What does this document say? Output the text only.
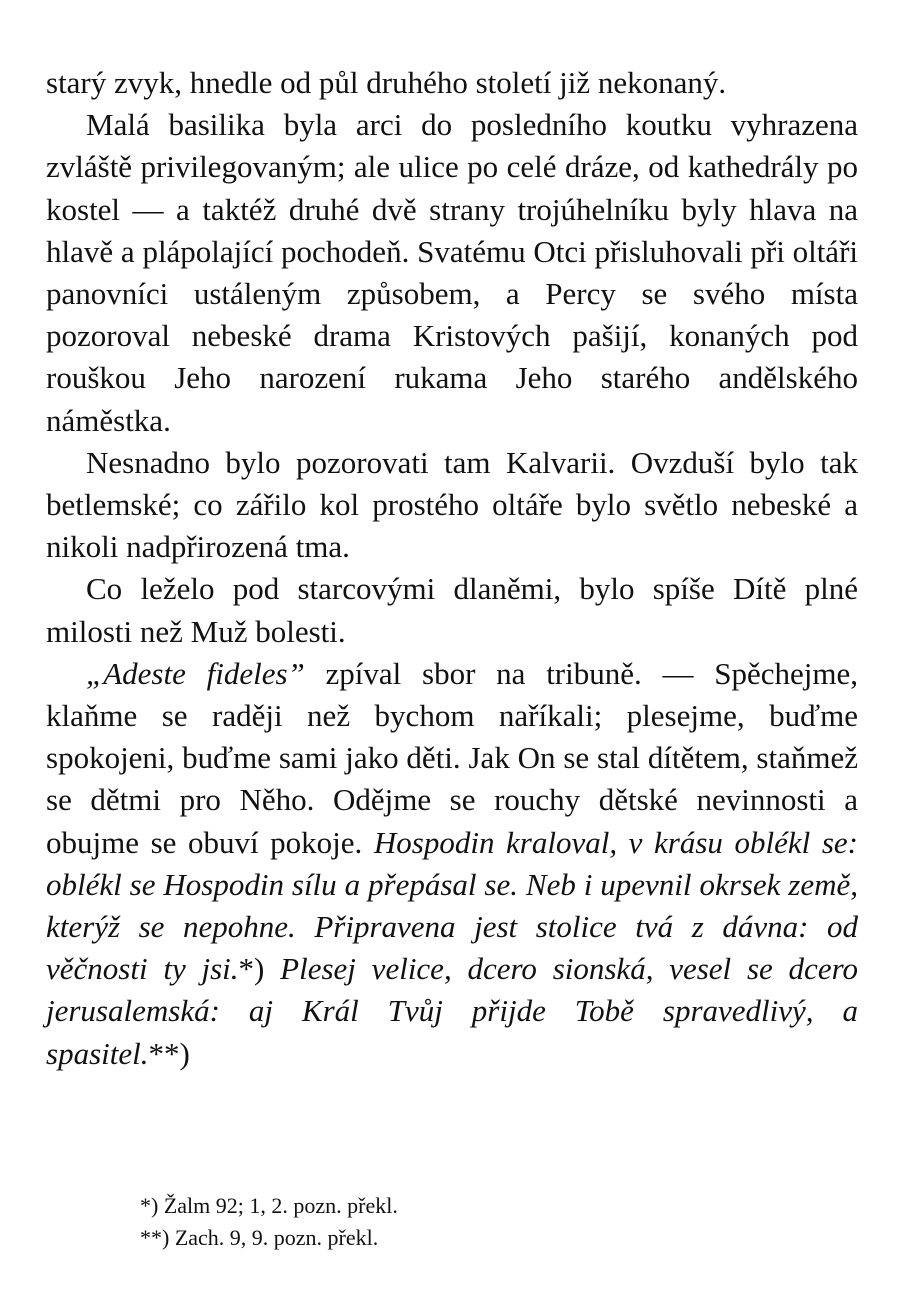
starý zvyk, hnedle od půl druhého století již nekonaný.

Malá basilika byla arci do posledního koutku vyhrazena zvláště privilegovaným; ale ulice po celé dráze, od kathedrály po kostel — a taktéž druhé dvě strany trojúhelníku byly hlava na hlavě a plápolající pochodeň. Svatému Otci přisluhovali při oltáři panovníci ustáleným způsobem, a Percy se svého místa pozoroval nebeské drama Kristových pašijí, konaných pod rouškou Jeho narození rukama Jeho starého andělského náměstka.

Nesnadno bylo pozorovati tam Kalvarii. Ovzduší bylo tak betlemské; co zářilo kol prostého oltáře bylo světlo nebeské a nikoli nadpřirozená tma.

Co leželo pod starcovými dlaněmi, bylo spíše Dítě plné milosti než Muž bolesti.

„Adeste fideles” zpíval sbor na tribuně. — Spěchejme, klaňme se raději než bychom naříkali; plesejme, buďme spokojeni, buďme sami jako děti. Jak On se stal dítětem, staňmež se dětmi pro Něho. Odějme se rouchy dětské nevinnosti a obujme se obuví pokoje. Hospodin kraloval, v krásu oblékl se: oblékl se Hospodin sílu a přepásal se. Neb i upevnil okrsek země, kterýž se nepohne. Připravena jest stolice tvá z dávna: od věčnosti ty jsi.*) Plesej velice, dcero sionská, vesel se dcero jerusalemská: aj Král Tvůj přijde Tobě spravedlivý, a spasitel.**)

*) Žalm 92; 1, 2. pozn. překl.
**) Zach. 9, 9. pozn. překl.
